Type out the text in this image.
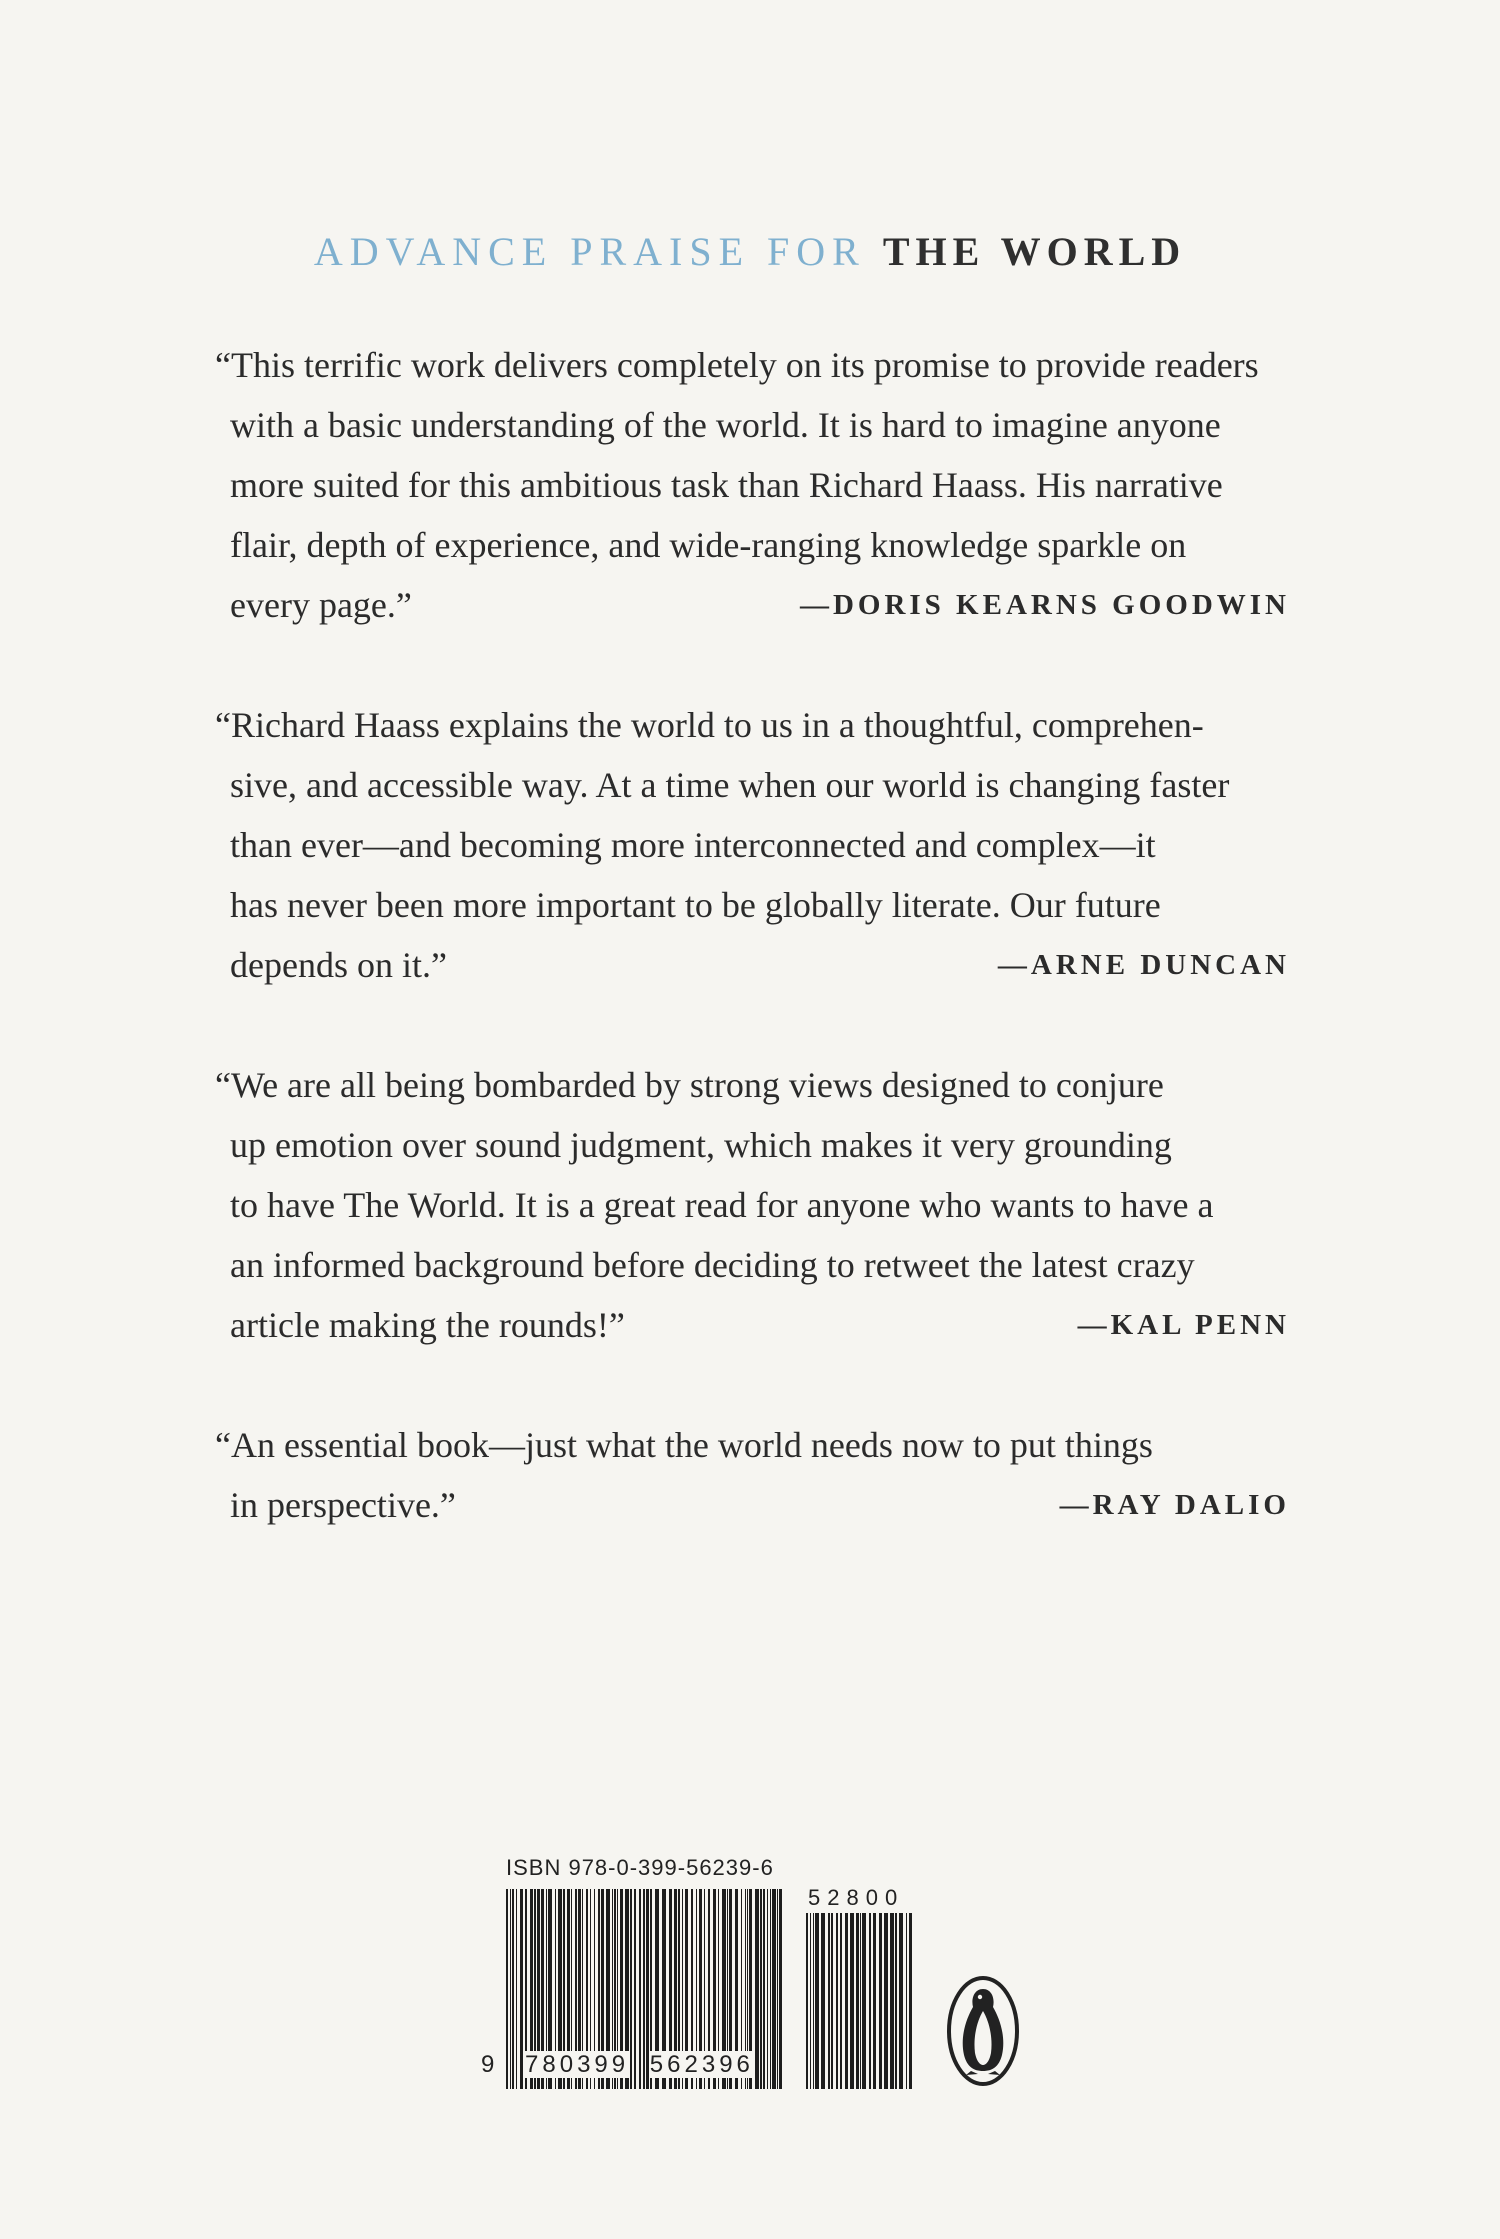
ADVANCE PRAISE FOR THE WORLD
“This terrific work delivers completely on its promise to provide readers
with a basic understanding of the world. It is hard to imagine anyone
more suited for this ambitious task than Richard Haass. His narrative
flair, depth of experience, and wide-ranging knowledge sparkle on
every page.”	—DORIS KEARNS GOODWIN
“Richard Haass explains the world to us in a thoughtful, comprehen-
sive, and accessible way. At a time when our world is changing faster
than ever—and becoming more interconnected and complex—it
has never been more important to be globally literate. Our future
depends on it.”	—ARNE DUNCAN
“We are all being bombarded by strong views designed to conjure
up emotion over sound judgment, which makes it very grounding
to have The World. It is a great read for anyone who wants to have a
an informed background before deciding to retweet the latest crazy
article making the rounds!”	—KAL PENN
“An essential book—just what the world needs now to put things
in perspective.”	—RAY DALIO
ISBN 978-0-399-56239-6
52800
9 780399 562396
